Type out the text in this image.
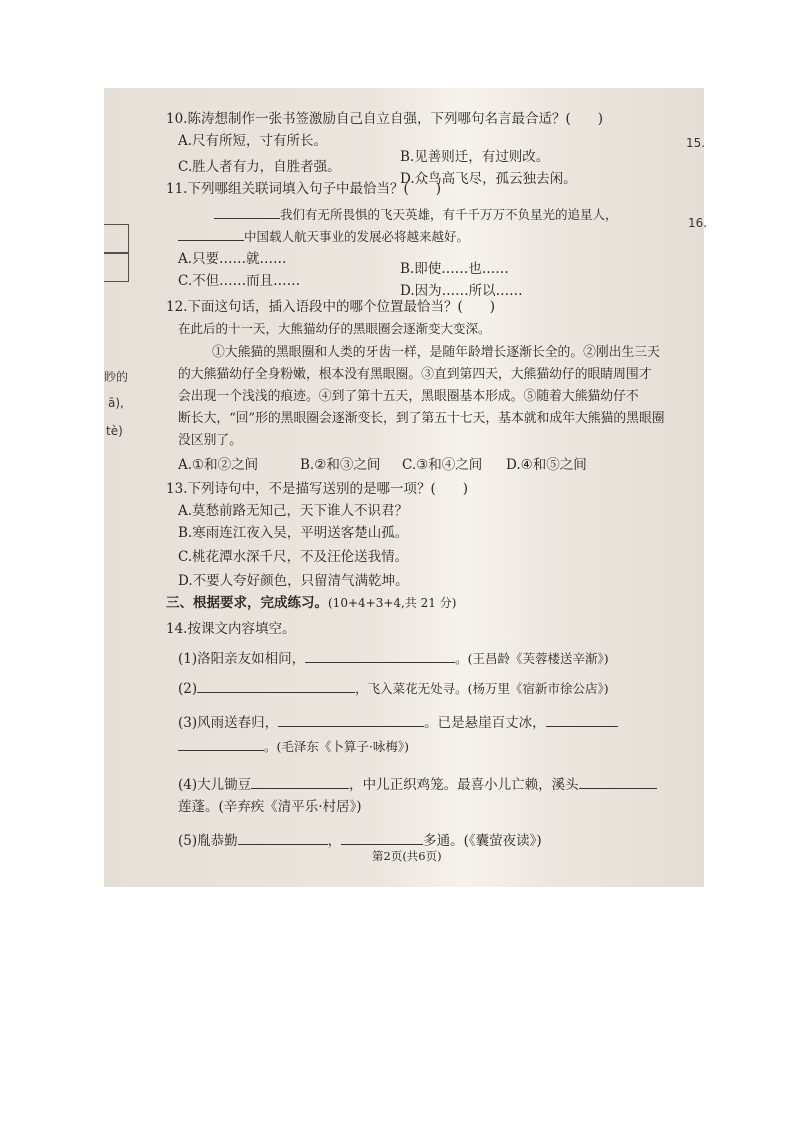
眇的
ā),
tè)
15.
16.
10.陈涛想制作一张书签激励自己自立自强，下列哪句名言最合适？(　　)
A.尺有所短，寸有所长。
B.见善则迁，有过则改。
C.胜人者有力，自胜者强。
D.众鸟高飞尽，孤云独去闲。
11.下列哪组关联词填入句子中最恰当？(　　)
我们有无所畏惧的飞天英雄，有千千万万不负星光的追星人，
中国载人航天事业的发展必将越来越好。
A.只要……就……
B.即使……也……
C.不但……而且……
D.因为……所以……
12.下面这句话，插入语段中的哪个位置最恰当？(　　)
在此后的十一天，大熊猫幼仔的黑眼圈会逐渐变大变深。
①大熊猫的黑眼圈和人类的牙齿一样，是随年龄增长逐渐长全的。②刚出生三天
的大熊猫幼仔全身粉嫩，根本没有黑眼圈。③直到第四天，大熊猫幼仔的眼睛周围才
会出现一个浅浅的痕迹。④到了第十五天，黑眼圈基本形成。⑤随着大熊猫幼仔不
断长大，“回”形的黑眼圈会逐渐变长，到了第五十七天，基本就和成年大熊猫的黑眼圈
没区别了。
A.①和②之间	B.②和③之间 C.③和④之间 D.④和⑤之间
13.下列诗句中，不是描写送别的是哪一项？(　　)
A.莫愁前路无知己，天下谁人不识君？
B.寒雨连江夜入吴，平明送客楚山孤。
C.桃花潭水深千尺，不及汪伦送我情。
D.不要人夸好颜色，只留清气满乾坤。
三、根据要求，完成练习。(10+4+3+4,共 21 分)
14.按课文内容填空。
(1)洛阳亲友如相问，	。(王昌龄《芙蓉楼送辛渐》)
(2)	，飞入菜花无处寻。(杨万里《宿新市徐公店》)
(3)风雨送春归，	。已是悬崖百丈冰，
。(毛泽东《卜算子·咏梅》)
(4)大儿锄豆	，中儿正织鸡笼。最喜小儿亡赖，溪头
莲蓬。(辛弃疾《清平乐·村居》)
(5)胤恭勤	，	多通。(《囊萤夜读》)
第2页(共6页)
